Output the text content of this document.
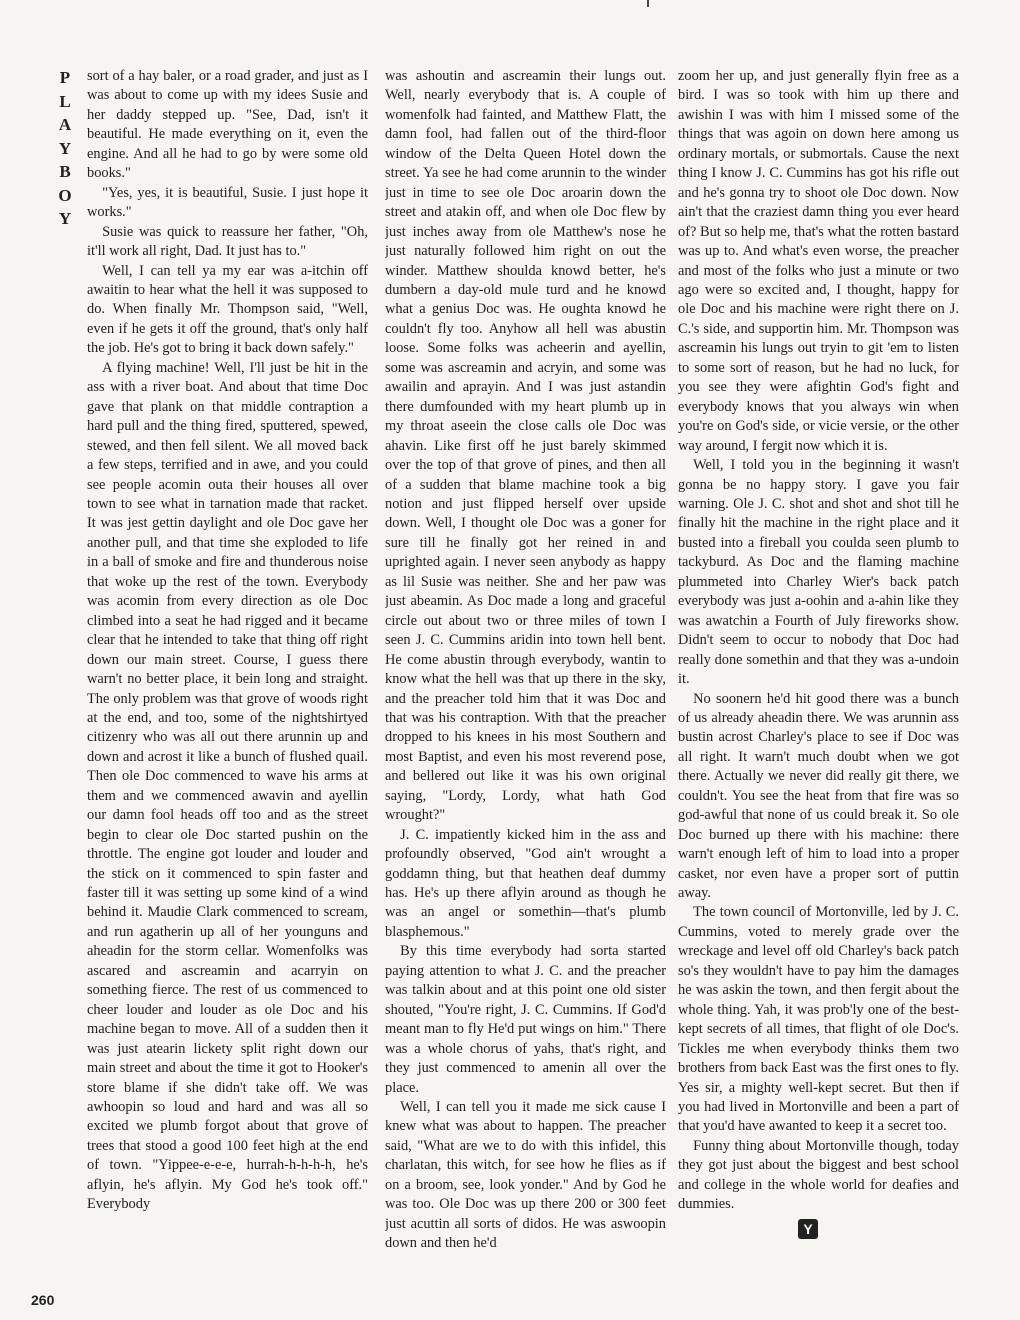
P
L
A
Y
B
O
Y

sort of a hay baler, or a road grader, and just as I was about to come up with my idees Susie and her daddy stepped up. "See, Dad, isn't it beautiful. He made everything on it, even the engine. And all he had to go by were some old books."

"Yes, yes, it is beautiful, Susie. I just hope it works."

Susie was quick to reassure her father, "Oh, it'll work all right, Dad. It just has to."

Well, I can tell ya my ear was a-itchin off awaitin to hear what the hell it was supposed to do. When finally Mr. Thompson said, "Well, even if he gets it off the ground, that's only half the job. He's got to bring it back down safely."

A flying machine! Well, I'll just be hit in the ass with a river boat. And about that time Doc gave that plank on that middle contraption a hard pull and the thing fired, sputtered, spewed, stewed, and then fell silent. We all moved back a few steps, terrified and in awe, and you could see people acomin outa their houses all over town to see what in tarnation made that racket. It was jest gettin daylight and ole Doc gave her another pull, and that time she exploded to life in a ball of smoke and fire and thunderous noise that woke up the rest of the town. Everybody was acomin from every direction as ole Doc climbed into a seat he had rigged and it became clear that he intended to take that thing off right down our main street. Course, I guess there warn't no better place, it bein long and straight. The only problem was that grove of woods right at the end, and too, some of the nightshirtyed citizenry who was all out there arunnin up and down and acrost it like a bunch of flushed quail. Then ole Doc commenced to wave his arms at them and we commenced awavin and ayellin our damn fool heads off too and as the street begin to clear ole Doc started pushin on the throttle. The engine got louder and louder and the stick on it commenced to spin faster and faster till it was setting up some kind of a wind behind it. Maudie Clark commenced to scream, and run agatherin up all of her younguns and aheadin for the storm cellar. Womenfolks was ascared and ascreamin and acarryin on something fierce. The rest of us commenced to cheer louder and louder as ole Doc and his machine began to move. All of a sudden then it was just atearin lickety split right down our main street and about the time it got to Hooker's store blame if she didn't take off. We was awhoopin so loud and hard and was all so excited we plumb forgot about that grove of trees that stood a good 100 feet high at the end of town. "Yippee-e-e-e, hurrah-h-h-h-h, he's aflyin, he's aflyin. My God he's took off." Everybody

was ashoutin and ascreamin their lungs out. Well, nearly everybody that is. A couple of womenfolk had fainted, and Matthew Flatt, the damn fool, had fallen out of the third-floor window of the Delta Queen Hotel down the street. Ya see he had come arunnin to the winder just in time to see ole Doc aroarin down the street and atakin off, and when ole Doc flew by just inches away from ole Matthew's nose he just naturally followed him right on out the winder. Matthew shoulda knowd better, he's dumbern a day-old mule turd and he knowd what a genius Doc was. He oughta knowd he couldn't fly too. Anyhow all hell was abustin loose. Some folks was acheerin and ayellin, some was ascreamin and acryin, and some was awailin and aprayin. And I was just astandin there dumfounded with my heart plumb up in my throat aseein the close calls ole Doc was ahavin. Like first off he just barely skimmed over the top of that grove of pines, and then all of a sudden that blame machine took a big notion and just flipped herself over upside down. Well, I thought ole Doc was a goner for sure till he finally got her reined in and uprighted again. I never seen anybody as happy as lil Susie was neither. She and her paw was just abeamin. As Doc made a long and graceful circle out about two or three miles of town I seen J. C. Cummins aridin into town hell bent. He come abustin through everybody, wantin to know what the hell was that up there in the sky, and the preacher told him that it was Doc and that was his contraption. With that the preacher dropped to his knees in his most Southern and most Baptist, and even his most reverend pose, and bellered out like it was his own original saying, "Lordy, Lordy, what hath God wrought?"

J. C. impatiently kicked him in the ass and profoundly observed, "God ain't wrought a goddamn thing, but that heathen deaf dummy has. He's up there aflyin around as though he was an angel or somethin—that's plumb blasphemous."

By this time everybody had sorta started paying attention to what J. C. and the preacher was talkin about and at this point one old sister shouted, "You're right, J. C. Cummins. If God'd meant man to fly He'd put wings on him." There was a whole chorus of yahs, that's right, and they just commenced to amenin all over the place.

Well, I can tell you it made me sick cause I knew what was about to happen. The preacher said, "What are we to do with this infidel, this charlatan, this witch, for see how he flies as if on a broom, see, look yonder." And by God he was too. Ole Doc was up there 200 or 300 feet just acuttin all sorts of didos. He was aswoopin down and then he'd

zoom her up, and just generally flyin free as a bird. I was so took with him up there and awishin I was with him I missed some of the things that was agoin on down here among us ordinary mortals, or submortals. Cause the next thing I know J. C. Cummins has got his rifle out and he's gonna try to shoot ole Doc down. Now ain't that the craziest damn thing you ever heard of? But so help me, that's what the rotten bastard was up to. And what's even worse, the preacher and most of the folks who just a minute or two ago were so excited and, I thought, happy for ole Doc and his machine were right there on J. C.'s side, and supportin him. Mr. Thompson was ascreamin his lungs out tryin to git 'em to listen to some sort of reason, but he had no luck, for you see they were afightin God's fight and everybody knows that you always win when you're on God's side, or vicie versie, or the other way around, I fergit now which it is.

Well, I told you in the beginning it wasn't gonna be no happy story. I gave you fair warning. Ole J. C. shot and shot and shot till he finally hit the machine in the right place and it busted into a fireball you coulda seen plumb to tackyburd. As Doc and the flaming machine plummeted into Charley Wier's back patch everybody was just a-oohin and a-ahin like they was awatchin a Fourth of July fireworks show. Didn't seem to occur to nobody that Doc had really done somethin and that they was a-undoin it.

No soonern he'd hit good there was a bunch of us already aheadin there. We was arunnin ass bustin acrost Charley's place to see if Doc was all right. It warn't much doubt when we got there. Actually we never did really git there, we couldn't. You see the heat from that fire was so god-awful that none of us could break it. So ole Doc burned up there with his machine: there warn't enough left of him to load into a proper casket, nor even have a proper sort of puttin away.

The town council of Mortonville, led by J. C. Cummins, voted to merely grade over the wreckage and level off old Charley's back patch so's they wouldn't have to pay him the damages he was askin the town, and then fergit about the whole thing. Yah, it was prob'ly one of the best-kept secrets of all times, that flight of ole Doc's. Tickles me when everybody thinks them two brothers from back East was the first ones to fly. Yes sir, a mighty well-kept secret. But then if you had lived in Mortonville and been a part of that you'd have awanted to keep it a secret too.

Funny thing about Mortonville though, today they got just about the biggest and best school and college in the whole world for deafies and dummies.

Y
260
